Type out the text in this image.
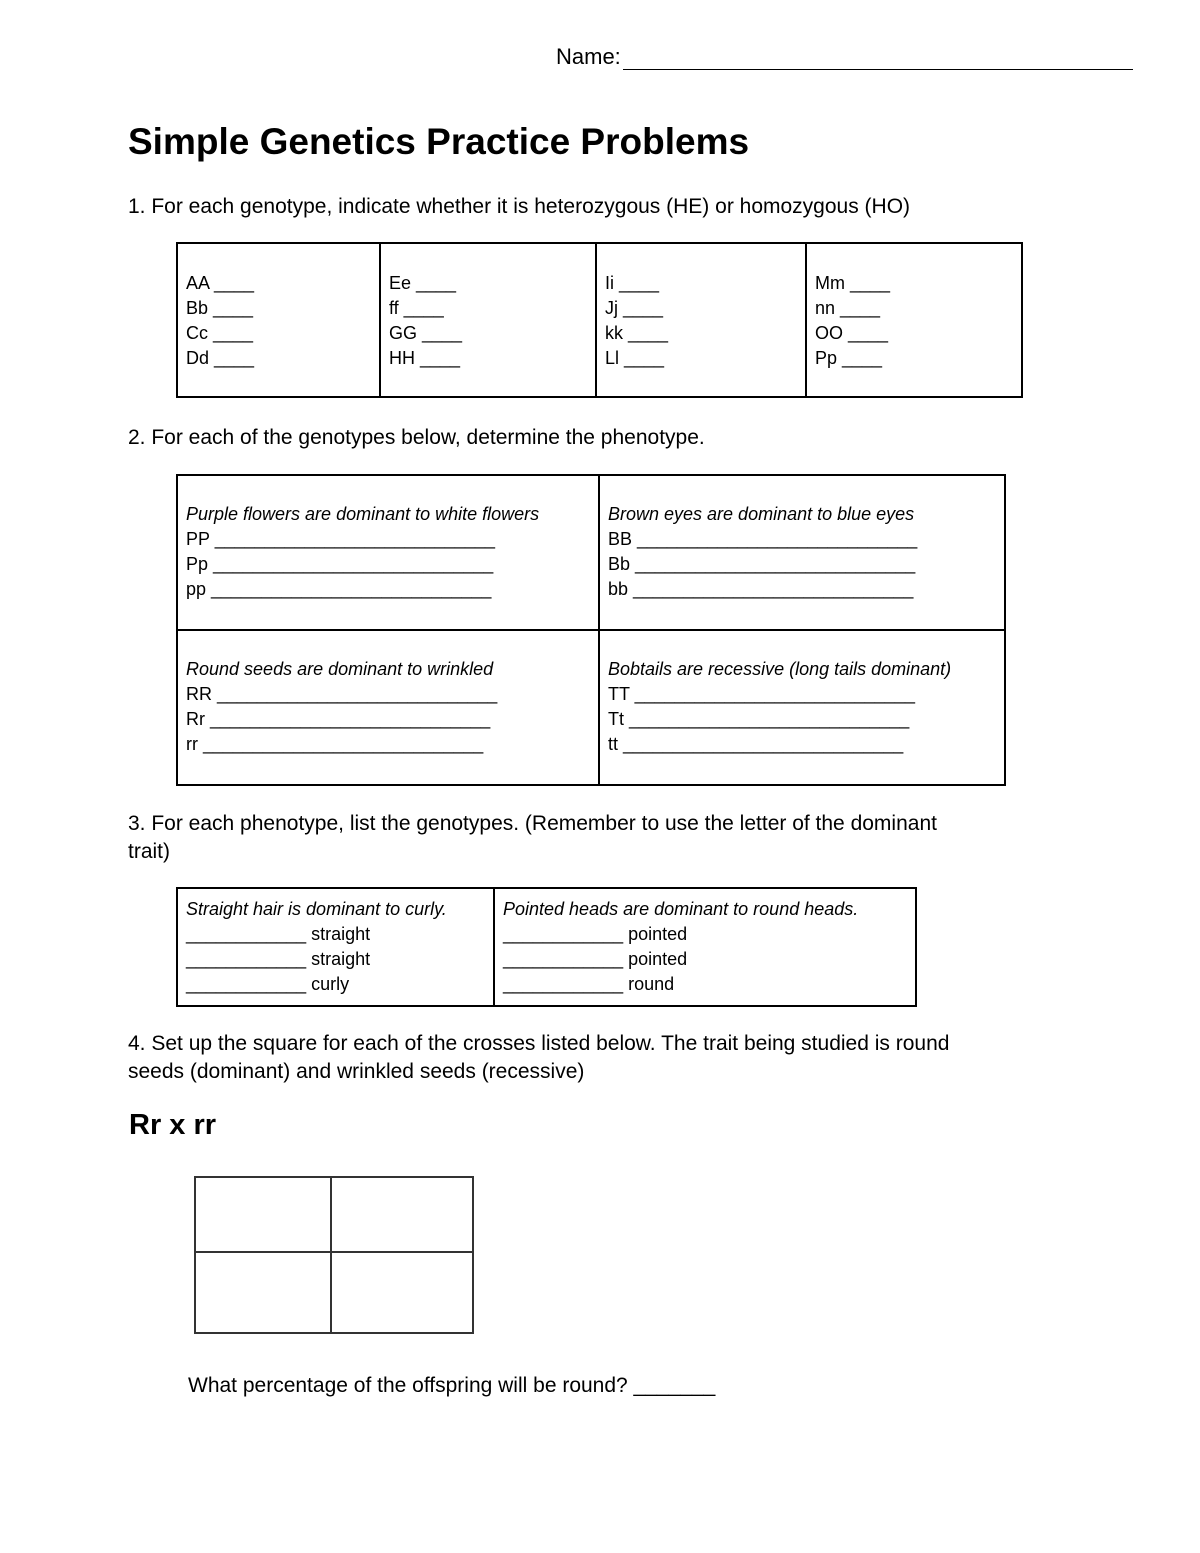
Name:
Simple Genetics Practice Problems
1. For each genotype, indicate whether it is heterozygous (HE) or homozygous (HO)
AA ____
Bb ____
Cc ____
Dd ____

Ee ____
ff ____
GG ____
HH ____

Ii ____
Jj ____
kk ____
Ll ____

Mm ____
nn ____
OO ____
Pp ____
2. For each of the genotypes below, determine the phenotype.
Purple flowers are dominant to white flowers
PP ____________________________
Pp ____________________________
pp ____________________________	Brown eyes are dominant to blue eyes
BB ____________________________
Bb ____________________________
bb ____________________________

Round seeds are dominant to wrinkled
RR ____________________________
Rr ____________________________
rr ____________________________	Bobtails are recessive (long tails dominant)
TT ____________________________
Tt ____________________________
tt ____________________________
3. For each phenotype, list the genotypes. (Remember to use the letter of the dominant
trait)
Straight hair is dominant to curly.
____________ straight
____________ straight
____________ curly

Pointed heads are dominant to round heads.
____________ pointed
____________ pointed
____________ round
4. Set up the square for each of the crosses listed below. The trait being studied is round
seeds (dominant) and wrinkled seeds (recessive)
Rr x rr
What percentage of the offspring will be round? _______
